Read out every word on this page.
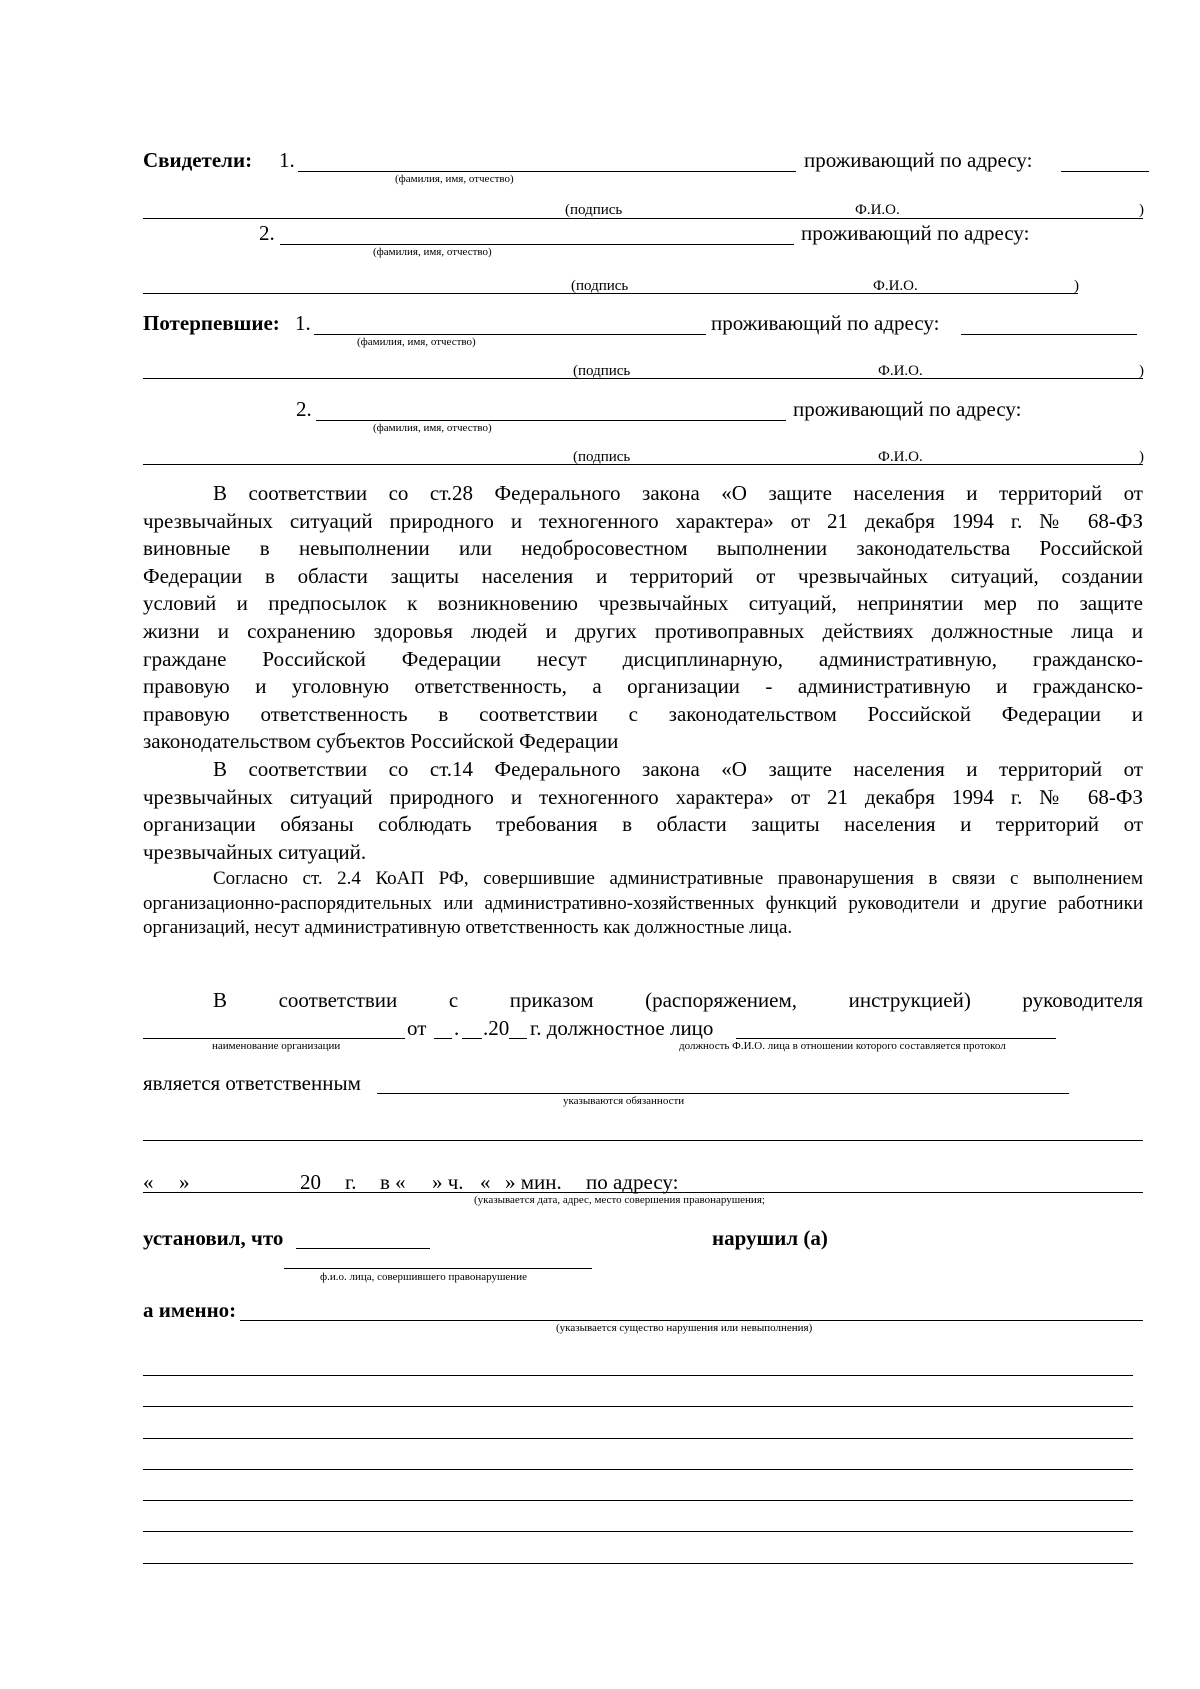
Свидетели: 1.	проживающий по адресу:
(фамилия, имя, отчество)
(подпись	Ф.И.О.	)
2.	проживающий по адресу:
(фамилия, имя, отчество)
(подпись	Ф.И.О.	)
Потерпевшие: 1.	проживающий по адресу:
(фамилия, имя, отчество)
(подпись	Ф.И.О.	)
2.	проживающий по адресу:
(фамилия, имя, отчество)
(подпись	Ф.И.О.	)
В соответствии со ст.28 Федерального закона «О защите населения и территорий от
чрезвычайных ситуаций природного и техногенного характера» от 21 декабря 1994 г. № 68-ФЗ
виновные в невыполнении или недобросовестном выполнении законодательства Российской
Федерации в области защиты населения и территорий от чрезвычайных ситуаций, создании
условий и предпосылок к возникновению чрезвычайных ситуаций, непринятии мер по защите
жизни и сохранению здоровья людей и других противоправных действиях должностные лица и
граждане Российской Федерации несут дисциплинарную, административную, гражданско-
правовую и уголовную ответственность, а организации - административную и гражданско-
правовую ответственность в соответствии с законодательством Российской Федерации и
законодательством субъектов Российской Федерации
В соответствии со ст.14 Федерального закона «О защите населения и территорий от
чрезвычайных ситуаций природного и техногенного характера» от 21 декабря 1994 г. № 68-ФЗ
организации обязаны соблюдать требования в области защиты населения и территорий от
чрезвычайных ситуаций.
Согласно ст. 2.4 КоАП РФ, совершившие административные правонарушения в связи с выполнением организационно-распорядительных или административно-хозяйственных функций руководители и другие работники организаций, несут административную ответственность как должностные лица.
В соответствии с приказом (распоряжением, инструкцией) руководителя
от . .20 г. должностное лицо
наименование организации	должность Ф.И.О. лица в отношении которого составляется протокол
является ответственным
указываются обязанности
« »	20 г. в « » ч. « » мин. по адресу:
(указывается дата, адрес, место совершения правонарушения;
установил, что	нарушил (а)
ф.и.о. лица, совершившего правонарушение
а именно:
(указывается существо нарушения или невыполнения)
